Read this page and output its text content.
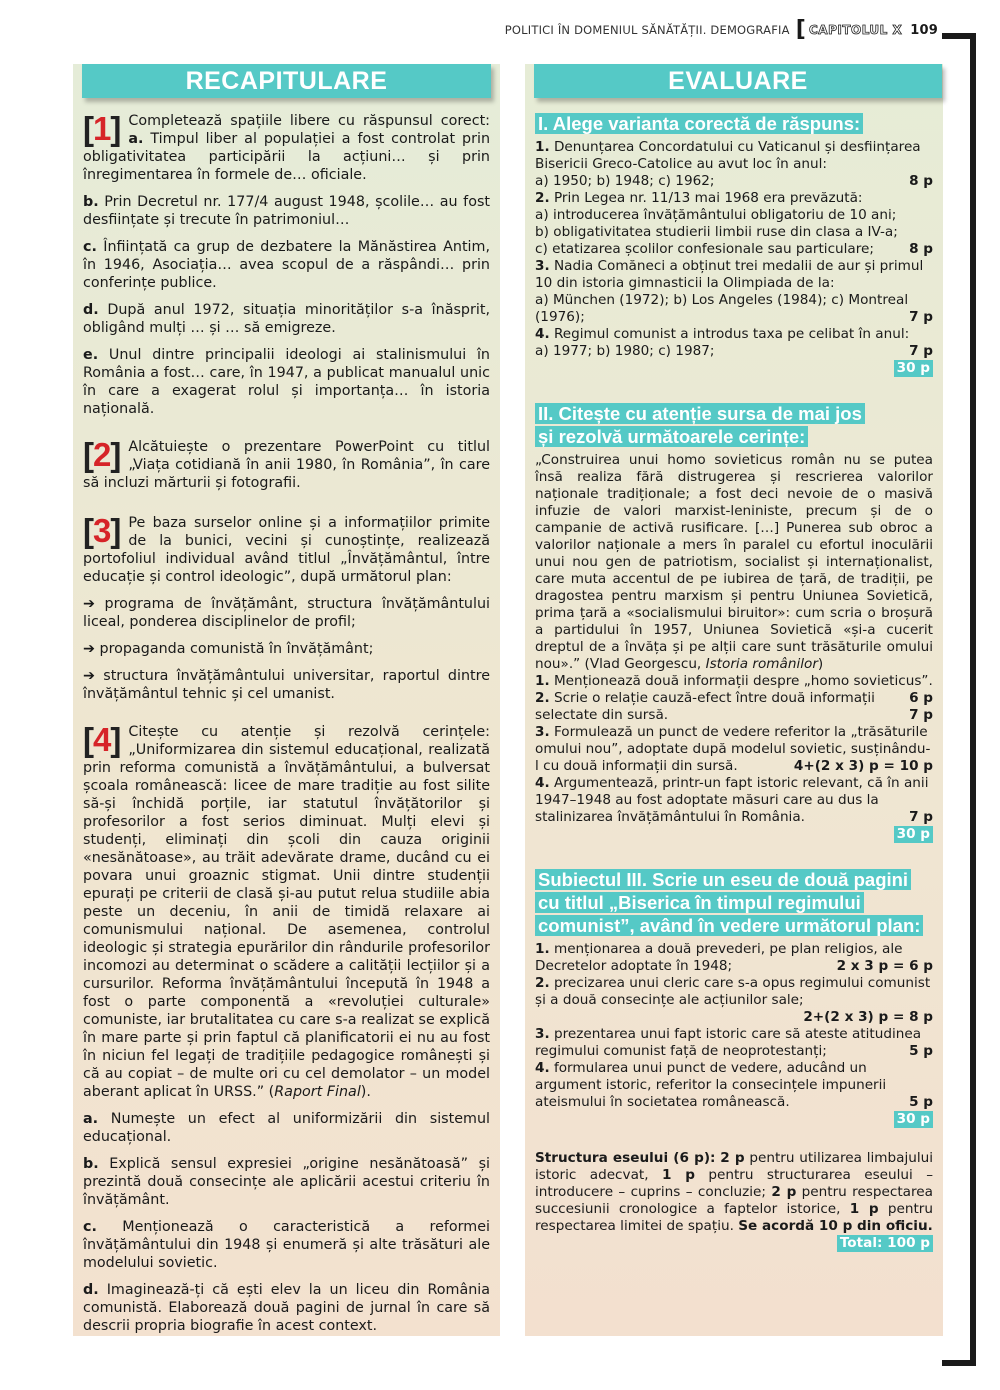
POLITICI ÎN DOMENIUL SĂNĂTĂȚII. DEMOGRAFIA [ CAPITOLUL X 109
RECAPITULARE
[1] Completează spațiile libere cu răspunsul corect: a. Timpul liber al populației a fost controlat prin obligativitatea participării la acțiuni… și prin înregimentarea în formele de… oficiale.

b. Prin Decretul nr. 177/4 august 1948, școlile… au fost desființate și trecute în patrimoniul…

c. Înființată ca grup de dezbatere la Mănăstirea Antim, în 1946, Asociația… avea scopul de a răspândi… prin conferințe publice.

d. După anul 1972, situația minorităților s-a înăsprit, obligând mulți … și … să emigreze.

e. Unul dintre principalii ideologi ai stalinismului în România a fost… care, în 1947, a publicat manualul unic în care a exagerat rolul și importanța… în istoria națională.

[2] Alcătuiește o prezentare PowerPoint cu titlul „Viața cotidiană în anii 1980, în România”, în care să incluzi mărturii și fotografii.

[3] Pe baza surselor online și a informațiilor primite de la bunici, vecini și cunoștințe, realizează portofoliul individual având titlul „Învățământul, între educație și control ideologic”, după următorul plan:

➔ programa de învățământ, structura învățământului liceal, ponderea disciplinelor de profil;

➔ propaganda comunistă în învățământ;

➔ structura învățământului universitar, raportul dintre învățământul tehnic și cel umanist.

[4] Citește cu atenție și rezolvă cerințele: „Uniformizarea din sistemul educațional, realizată prin reforma comunistă a învățământului, a bulversat școala românească: licee de mare tradiție au fost silite să-și închidă porțile, iar statutul învățătorilor și profesorilor a fost serios diminuat. Mulți elevi și studenți, eliminați din școli din cauza originii «nesănătoase», au trăit adevărate drame, ducând cu ei povara unui groaznic stigmat. Unii dintre studenții epurați pe criterii de clasă și-au putut relua studiile abia peste un deceniu, în anii de timidă relaxare ai comunismului național. De asemenea, controlul ideologic și strategia epurărilor din rândurile profesorilor incomozi au determinat o scădere a calității lecțiilor și a cursurilor. Reforma învățământului începută în 1948 a fost o parte componentă a «revoluției culturale» comuniste, iar brutalitatea cu care s-a realizat se explică în mare parte și prin faptul că planificatorii ei nu au fost în niciun fel legați de tradițiile pedagogice românești și că au copiat – de multe ori cu cel demolator – un model aberant aplicat în URSS.” (Raport Final).

a. Numește un efect al uniformizării din sistemul educațional.

b. Explică sensul expresiei „origine nesănătoasă” și prezintă două consecințe ale aplicării acestui criteriu în învățământ.

c. Menționează o caracteristică a reformei învățământului din 1948 și enumeră și alte trăsături ale modelului sovietic.

d. Imaginează-ți că ești elev la un liceu din România comunistă. Elaborează două pagini de jurnal în care să descrii propria biografie în acest context.

EVALUARE
I. Alege varianta corectă de răspuns:

1. Denunțarea Concordatului cu Vaticanul și desființarea Bisericii Greco-Catolice au avut loc în anul:

a) 1950; b) 1948; c) 1962;	8 p

2. Prin Legea nr. 11/13 mai 1968 era prevăzută:

a) introducerea învățământului obligatoriu de 10 ani;

b) obligativitatea studierii limbii ruse din clasa a IV-a;

c) etatizarea școlilor confesionale sau particulare;	8 p

3. Nadia Comăneci a obținut trei medalii de aur și primul 10 din istoria gimnasticii la Olimpiada de la:

a) München (1972); b) Los Angeles (1984); c) Montreal (1976);	7 p

4. Regimul comunist a introdus taxa pe celibat în anul:

a) 1977; b) 1980; c) 1987;	7 p
30 p
II. Citește cu atenție sursa de mai jos
și rezolvă următoarele cerințe:

„Construirea unui homo sovieticus român nu se putea însă realiza fără distrugerea și rescrierea valorilor naționale tradiționale; a fost deci nevoie de o masivă infuzie de valori marxist-leniniste, precum și de o campanie de activă rusificare. […] Punerea sub obroc a valorilor naționale a mers în paralel cu efortul inoculării unui nou gen de patriotism, socialist și internaționalist, care muta accentul de pe iubirea de țară, de tradiții, pe dragostea pentru marxism și pentru Uniunea Sovietică, prima țară a «socialismului biruitor»: cum scria o broșură a partidului în 1957, Uniunea Sovietică «și-a cucerit dreptul de a învăța și pe alții care sunt trăsăturile omului nou».” (Vlad Georgescu, Istoria românilor)

1. Menționează două informații despre „homo sovieticus”.
6 p

2. Scrie o relație cauză-efect între două informații selectate din sursă.	7 p

3. Formulează un punct de vedere referitor la „trăsăturile omului nou”, adoptate după modelul sovietic, susținându-l cu două informații din sursă.	4+(2 x 3) p = 10 p

4. Argumentează, printr-un fapt istoric relevant, că în anii 1947–1948 au fost adoptate măsuri care au dus la stalinizarea învățământului în România.	7 p

30 p
Subiectul III. Scrie un eseu de două pagini
cu titlul „Biserica în timpul regimului
comunist”, având în vedere următorul plan:

1. menționarea a două prevederi, pe plan religios, ale Decretelor adoptate în 1948;	2 x 3 p = 6 p

2. precizarea unui cleric care s-a opus regimului comunist și a două consecințe ale acțiunilor sale;

2+(2 x 3) p = 8 p

3. prezentarea unui fapt istoric care să ateste atitudinea regimului comunist față de neoprotestanți;	5 p

4. formularea unui punct de vedere, aducând un argument istoric, referitor la consecințele impunerii ateismului în societatea românească.	5 p

30 p

Structura eseului (6 p): 2 p pentru utilizarea limbajului istoric adecvat, 1 p pentru structurarea eseului – introducere – cuprins – concluzie; 2 p pentru respectarea succesiunii cronologice a faptelor istorice, 1 p pentru respectarea limitei de spațiu. Se acordă 10 p din oficiu.

Total: 100 p
